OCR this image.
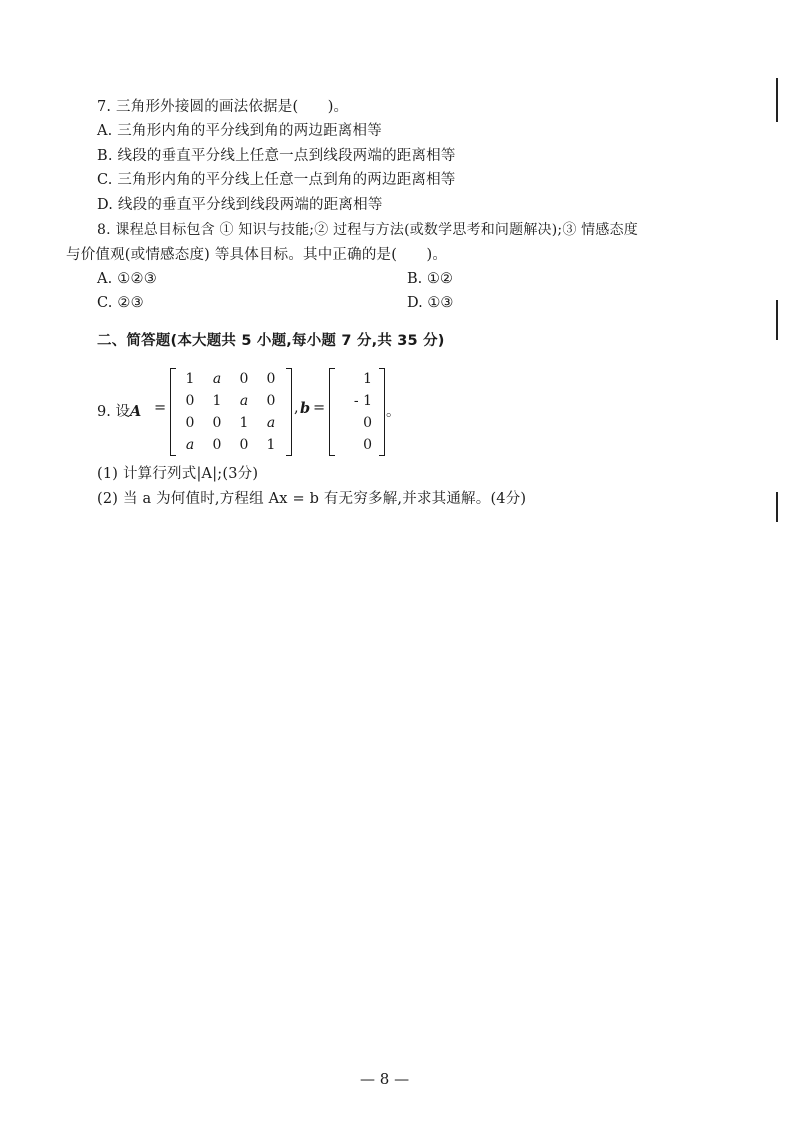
7. 三角形外接圆的画法依据是(　　)。
A. 三角形内角的平分线到角的两边距离相等
B. 线段的垂直平分线上任意一点到线段两端的距离相等
C. 三角形内角的平分线上任意一点到角的两边距离相等
D. 线段的垂直平分线到线段两端的距离相等
8. 课程总目标包含 ① 知识与技能;② 过程与方法(或数学思考和问题解决);③ 情感态度
与价值观(或情感态度) 等具体目标。其中正确的是(　　)。
A. ①②③	B. ①②
C. ②③	D. ①③
二、简答题(本大题共 5 小题,每小题 7 分,共 35 分)
9. 设A =
1	a	0	0
0	1	a	0
0	0	1	a
a	0	0	1
, b =
1
- 1
0
0
。
(1) 计算行列式|A|;(3分)
(2) 当 a 为何值时,方程组 Ax = b 有无穷多解,并求其通解。(4分)
— 8 —
